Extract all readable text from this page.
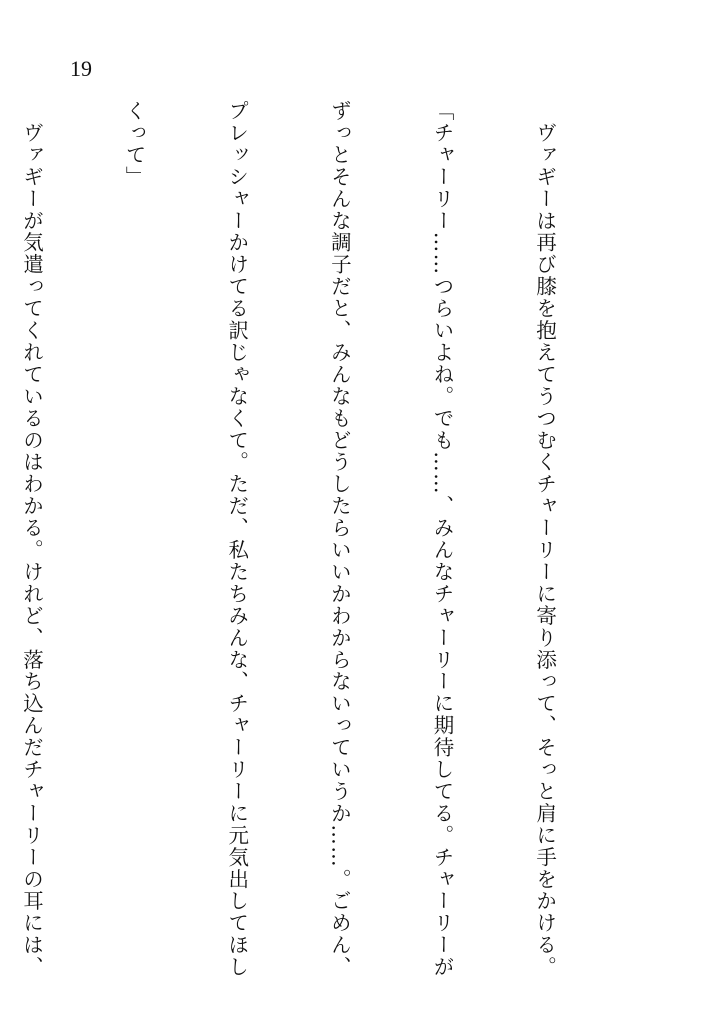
19

　ヴァギーは再び膝を抱えてうつむくチャーリーに寄り添って、そっと肩に手をかける。

「チャーリー……つらいよね。でも……、みんなチャーリーに期待してる。チャーリーが

ずっとそんな調子だと、みんなもどうしたらいいかわからないっていうか……。ごめん、

プレッシャーかけてる訳じゃなくて。ただ、私たちみんな、チャーリーに元気出してほし

くって」

　ヴァギーが気遣ってくれているのはわかる。けれど、落ち込んだチャーリーの耳には、
